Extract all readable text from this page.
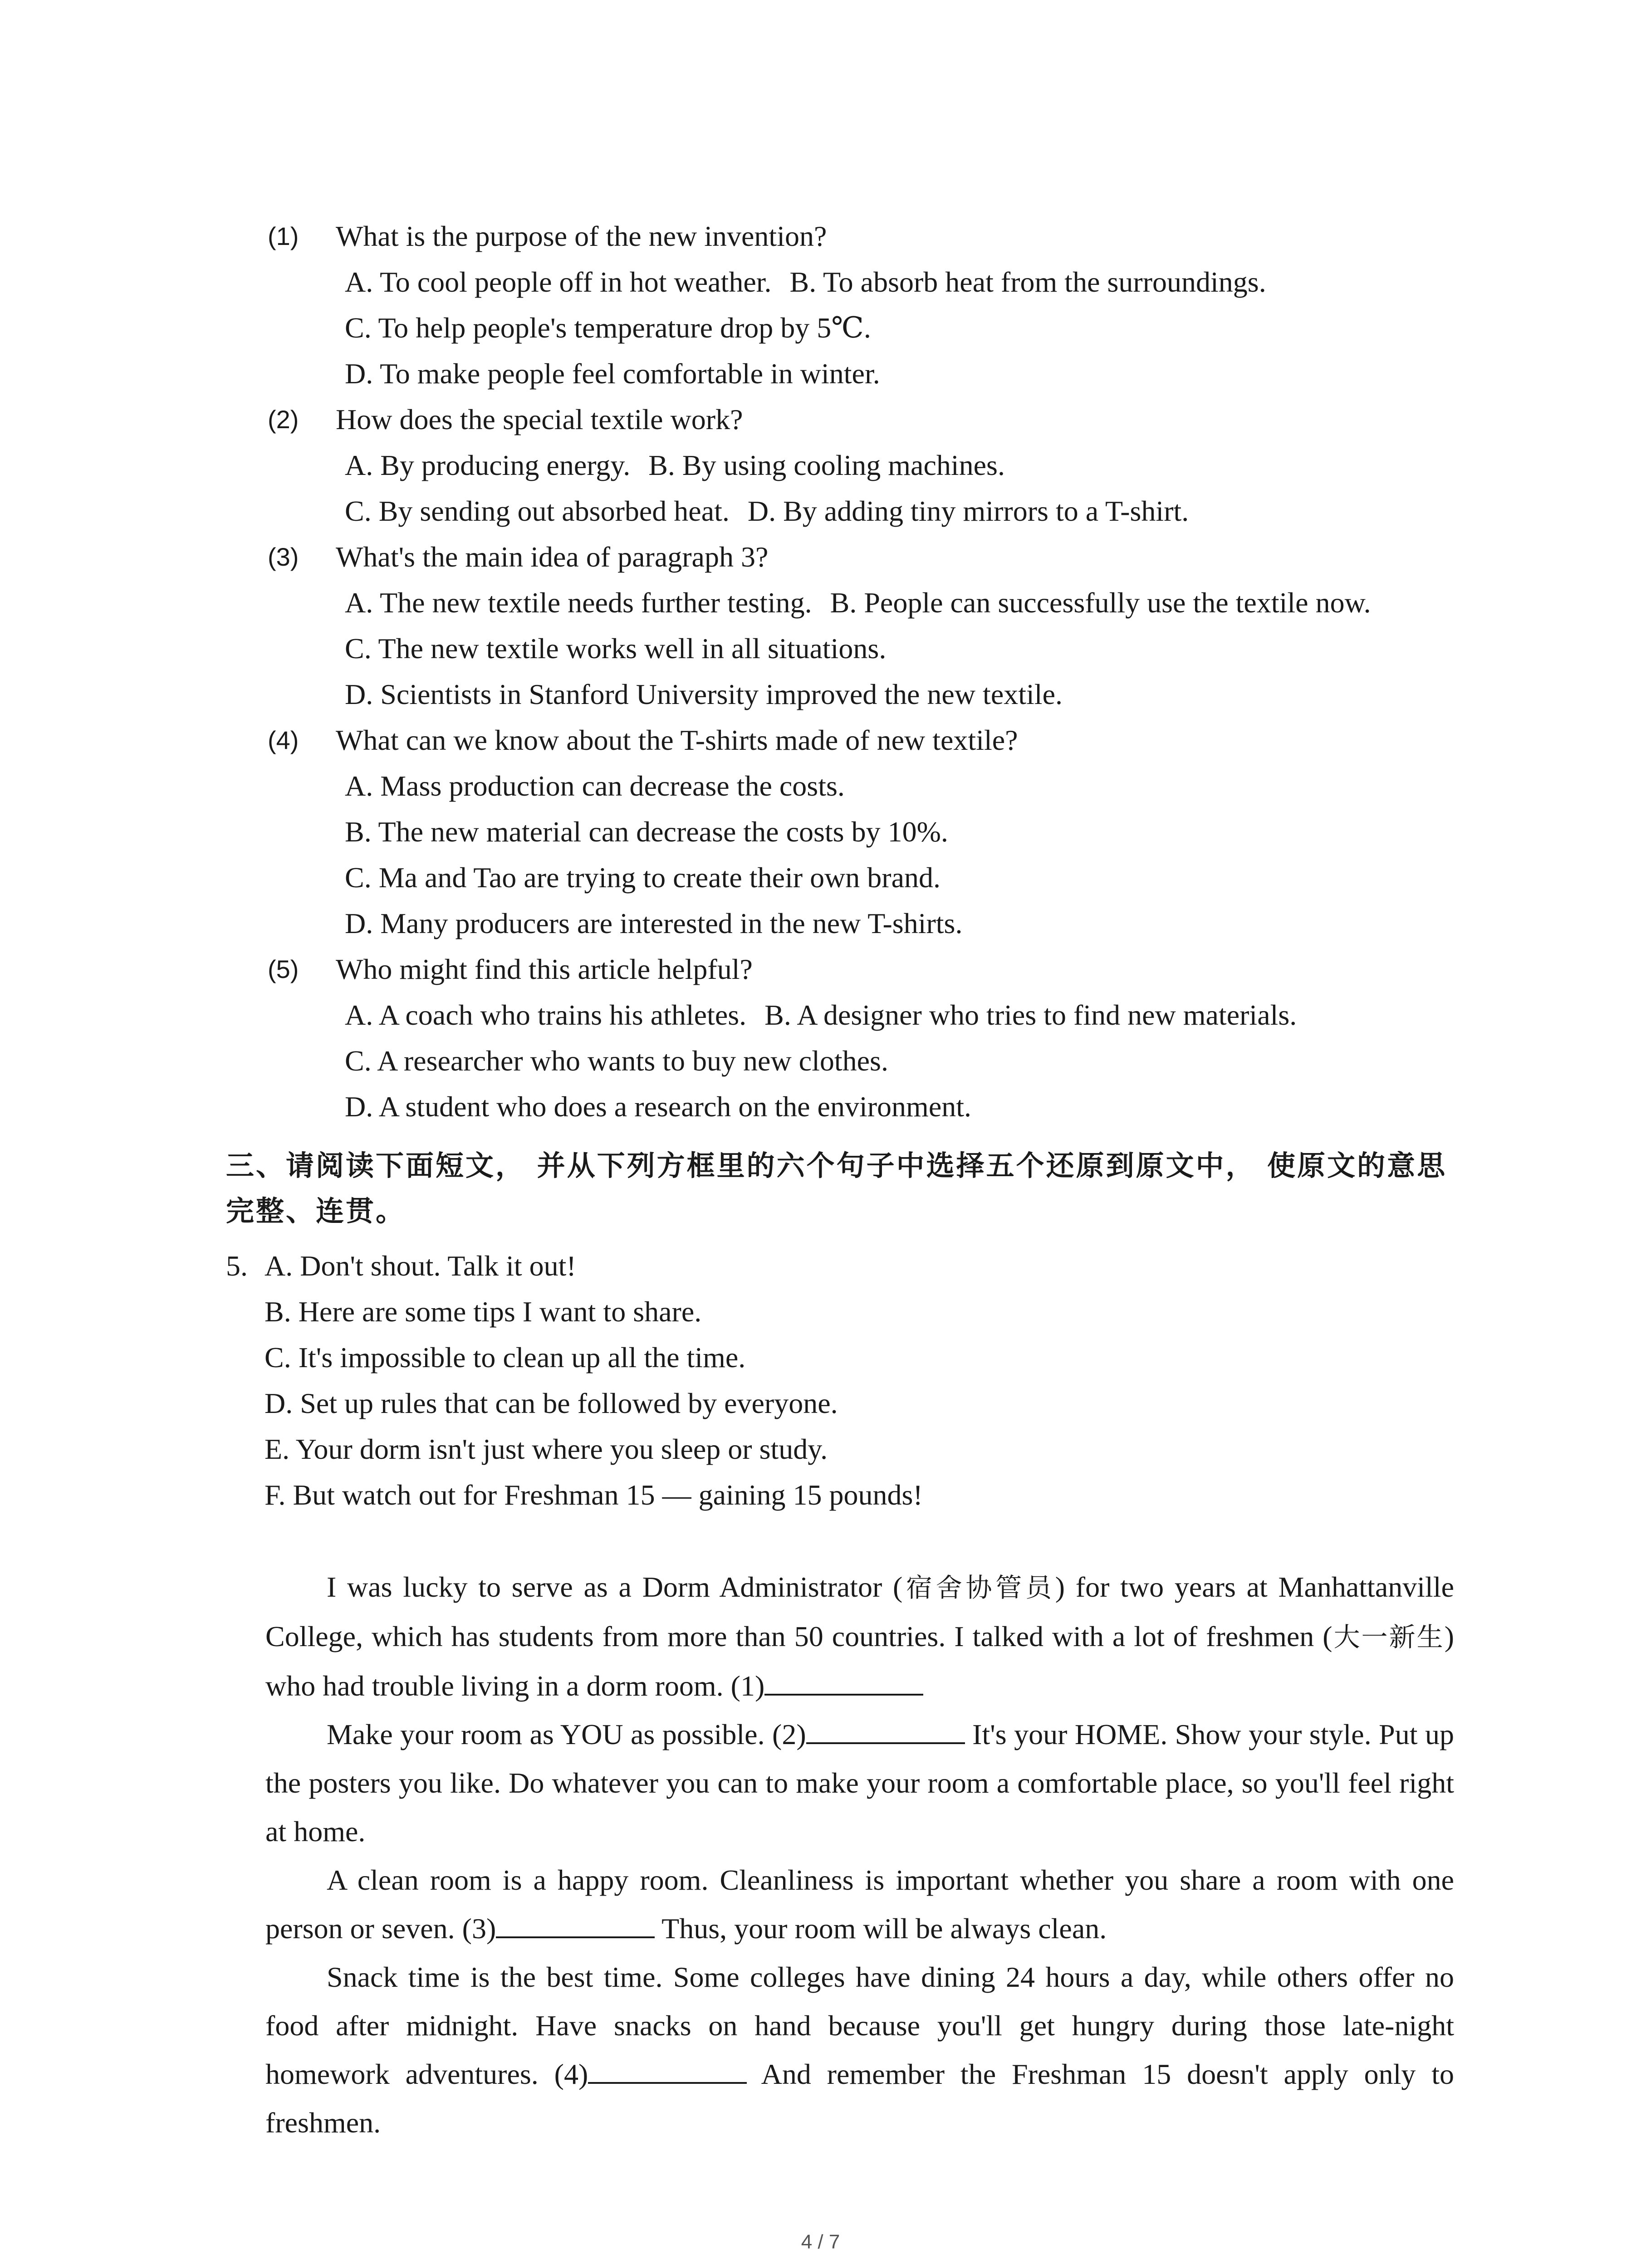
(1)	What is the purpose of the new invention?
A. To cool people off in hot weather. B. To absorb heat from the surroundings.
C. To help people's temperature drop by 5℃.
D. To make people feel comfortable in winter.
(2)	How does the special textile work?
A. By producing energy. B. By using cooling machines.
C. By sending out absorbed heat. D. By adding tiny mirrors to a T-shirt.
(3)	What's the main idea of paragraph 3?
A. The new textile needs further testing. B. People can successfully use the textile now.
C. The new textile works well in all situations.
D. Scientists in Stanford University improved the new textile.
(4)	What can we know about the T-shirts made of new textile?
A. Mass production can decrease the costs.
B. The new material can decrease the costs by 10%.
C. Ma and Tao are trying to create their own brand.
D. Many producers are interested in the new T-shirts.
(5)	Who might find this article helpful?
A. A coach who trains his athletes. B. A designer who tries to find new materials.
C. A researcher who wants to buy new clothes.
D. A student who does a research on the environment.
三、请阅读下面短文， 并从下列方框里的六个句子中选择五个还原到原文中， 使原文的意思完整、连贯。
5. A. Don't shout. Talk it out!
B. Here are some tips I want to share.
C. It's impossible to clean up all the time.
D. Set up rules that can be followed by everyone.
E. Your dorm isn't just where you sleep or study.
F. But watch out for Freshman 15 — gaining 15 pounds!

I was lucky to serve as a Dorm Administrator (宿舍协管员) for two years at Manhattanville College, which has students from more than 50 countries. I talked with a lot of freshmen (大一新生) who had trouble living in a dorm room. (1)

Make your room as YOU as possible. (2)	It's your HOME. Show your style. Put up the posters you like. Do whatever you can to make your room a comfortable place, so you'll feel right at home.

A clean room is a happy room. Cleanliness is important whether you share a room with one person or seven. (3)	Thus, your room will be always clean.

Snack time is the best time. Some colleges have dining 24 hours a day, while others offer no food after midnight. Have snacks on hand because you'll get hungry during those late-night homework adventures. (4)	And remember the Freshman 15 doesn't apply only to freshmen.

4 / 7
